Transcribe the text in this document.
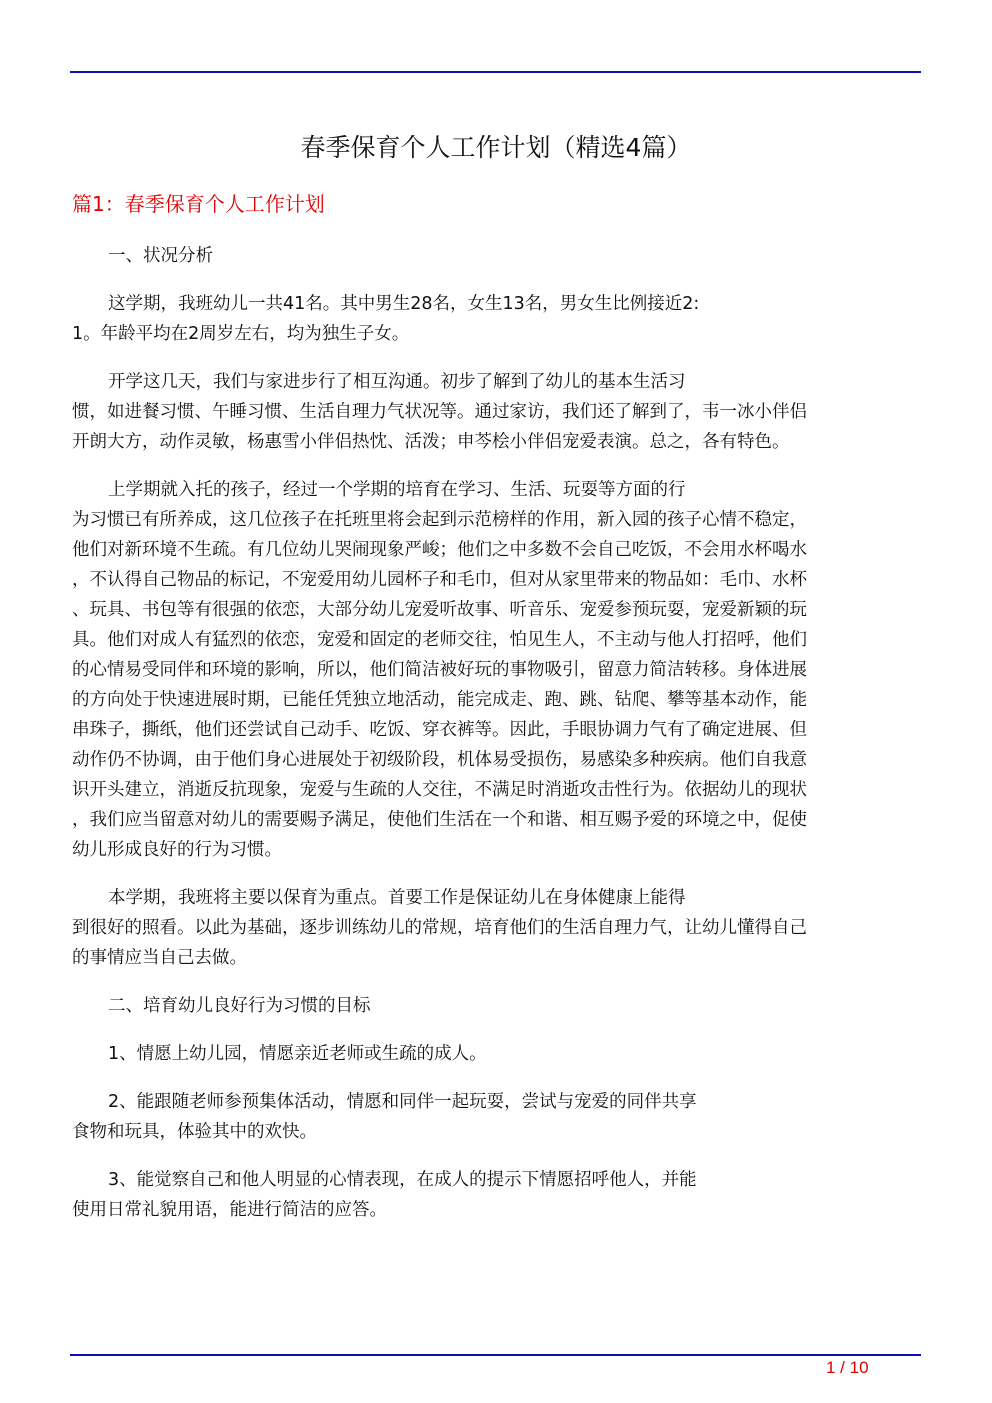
春季保育个人工作计划（精选4篇）
篇1：春季保育个人工作计划
一、状况分析
这学期，我班幼儿一共41名。其中男生28名，女生13名，男女生比例接近2:
1。年龄平均在2周岁左右，均为独生子女。
开学这几天，我们与家进步行了相互沟通。初步了解到了幼儿的基本生活习
惯，如进餐习惯、午睡习惯、生活自理力气状况等。通过家访，我们还了解到了，韦一冰小伴侣
开朗大方，动作灵敏，杨惠雪小伴侣热忱、活泼；申芩桧小伴侣宠爱表演。总之，各有特色。
上学期就入托的孩子，经过一个学期的培育在学习、生活、玩耍等方面的行
为习惯已有所养成，这几位孩子在托班里将会起到示范榜样的作用，新入园的孩子心情不稳定，
他们对新环境不生疏。有几位幼儿哭闹现象严峻；他们之中多数不会自己吃饭，不会用水杯喝水
，不认得自己物品的标记，不宠爱用幼儿园杯子和毛巾，但对从家里带来的物品如：毛巾、水杯
、玩具、书包等有很强的依恋，大部分幼儿宠爱听故事、听音乐、宠爱参预玩耍，宠爱新颖的玩
具。他们对成人有猛烈的依恋，宠爱和固定的老师交往，怕见生人，不主动与他人打招呼，他们
的心情易受同伴和环境的影响，所以，他们简洁被好玩的事物吸引，留意力简洁转移。身体进展
的方向处于快速进展时期，已能任凭独立地活动，能完成走、跑、跳、钻爬、攀等基本动作，能
串珠子，撕纸，他们还尝试自己动手、吃饭、穿衣裤等。因此，手眼协调力气有了确定进展、但
动作仍不协调，由于他们身心进展处于初级阶段，机体易受损伤，易感染多种疾病。他们自我意
识开头建立，消逝反抗现象，宠爱与生疏的人交往，不满足时消逝攻击性行为。依据幼儿的现状
，我们应当留意对幼儿的需要赐予满足，使他们生活在一个和谐、相互赐予爱的环境之中，促使
幼儿形成良好的行为习惯。
本学期，我班将主要以保育为重点。首要工作是保证幼儿在身体健康上能得
到很好的照看。以此为基础，逐步训练幼儿的常规，培育他们的生活自理力气，让幼儿懂得自己
的事情应当自己去做。
二、培育幼儿良好行为习惯的目标
1、情愿上幼儿园，情愿亲近老师或生疏的成人。
2、能跟随老师参预集体活动，情愿和同伴一起玩耍，尝试与宠爱的同伴共享
食物和玩具，体验其中的欢快。
3、能觉察自己和他人明显的心情表现，在成人的提示下情愿招呼他人，并能
使用日常礼貌用语，能进行简洁的应答。
1 / 10
